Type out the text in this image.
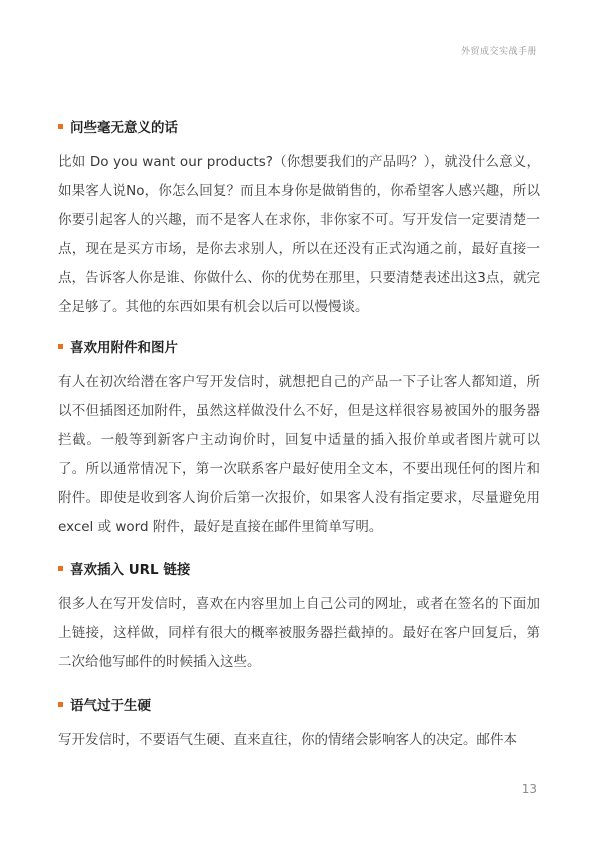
外贸成交实战手册
问些毫无意义的话

比如 Do you want our products?（你想要我们的产品吗？），就没什么意义，如果客人说No，你怎么回复？而且本身你是做销售的，你希望客人感兴趣，所以你要引起客人的兴趣，而不是客人在求你，非你家不可。写开发信一定要清楚一点，现在是买方市场，是你去求别人，所以在还没有正式沟通之前，最好直接一点，告诉客人你是谁、你做什么、你的优势在那里，只要清楚表述出这3点，就完全足够了。其他的东西如果有机会以后可以慢慢谈。

喜欢用附件和图片

有人在初次给潜在客户写开发信时，就想把自己的产品一下子让客人都知道，所以不但插图还加附件，虽然这样做没什么不好，但是这样很容易被国外的服务器拦截。一般等到新客户主动询价时，回复中适量的插入报价单或者图片就可以了。所以通常情况下，第一次联系客户最好使用全文本，不要出现任何的图片和附件。即使是收到客人询价后第一次报价，如果客人没有指定要求，尽量避免用 excel 或 word 附件，最好是直接在邮件里简单写明。

喜欢插入 URL 链接

很多人在写开发信时，喜欢在内容里加上自己公司的网址，或者在签名的下面加上链接，这样做，同样有很大的概率被服务器拦截掉的。最好在客户回复后，第二次给他写邮件的时候插入这些。

语气过于生硬

写开发信时，不要语气生硬、直来直往，你的情绪会影响客人的决定。邮件本

13
